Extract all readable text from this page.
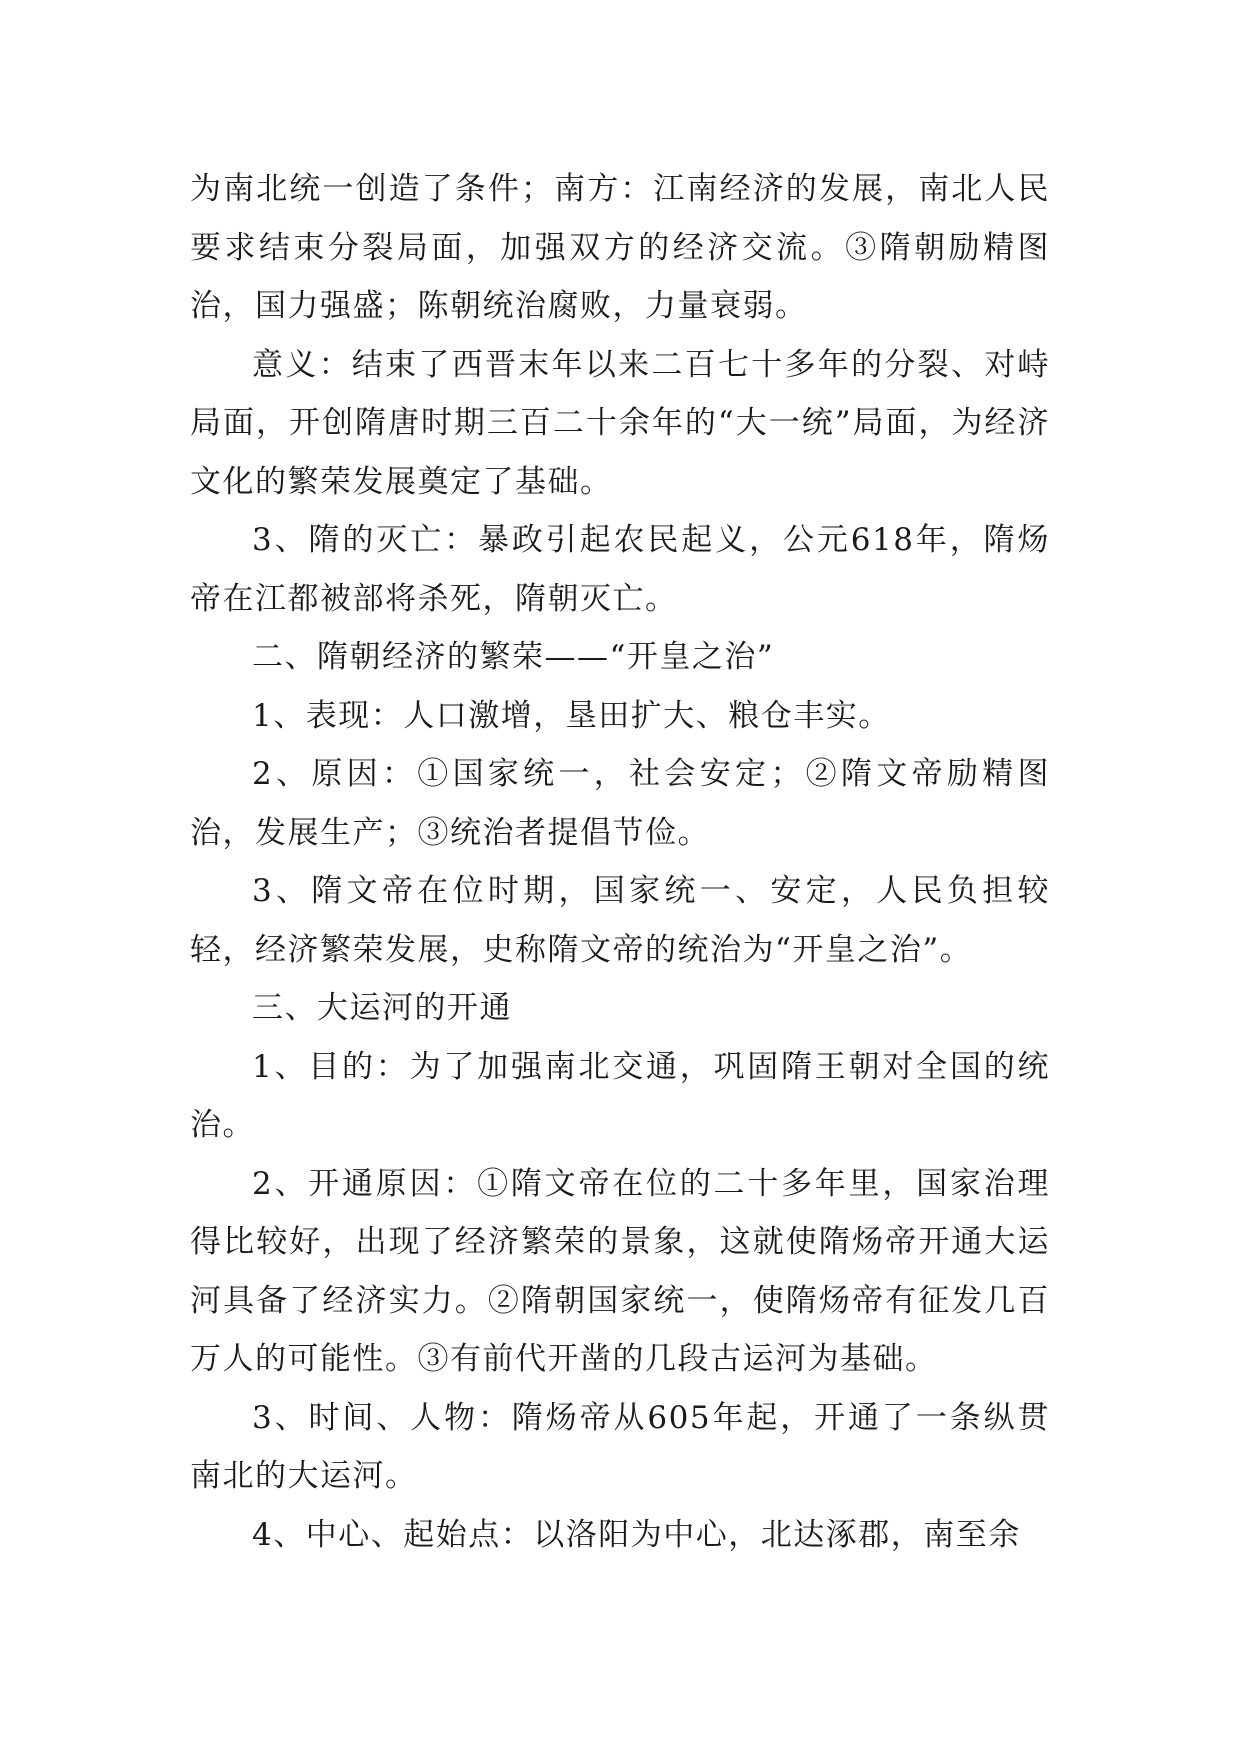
为南北统一创造了条件；南方：江南经济的发展，南北人民要求结束分裂局面，加强双方的经济交流。③隋朝励精图治，国力强盛；陈朝统治腐败，力量衰弱。

意义：结束了西晋末年以来二百七十多年的分裂、对峙局面，开创隋唐时期三百二十余年的“大一统”局面，为经济文化的繁荣发展奠定了基础。

3、隋的灭亡：暴政引起农民起义，公元618年，隋炀帝在江都被部将杀死，隋朝灭亡。

二、隋朝经济的繁荣——“开皇之治”

1、表现：人口激增，垦田扩大、粮仓丰实。

2、原因：①国家统一，社会安定；②隋文帝励精图治，发展生产；③统治者提倡节俭。

3、隋文帝在位时期，国家统一、安定，人民负担较轻，经济繁荣发展，史称隋文帝的统治为“开皇之治”。

三、大运河的开通

1、目的：为了加强南北交通，巩固隋王朝对全国的统治。

2、开通原因：①隋文帝在位的二十多年里，国家治理得比较好，出现了经济繁荣的景象，这就使隋炀帝开通大运河具备了经济实力。②隋朝国家统一，使隋炀帝有征发几百万人的可能性。③有前代开凿的几段古运河为基础。

3、时间、人物：隋炀帝从605年起，开通了一条纵贯南北的大运河。

4、中心、起始点：以洛阳为中心，北达涿郡，南至余
